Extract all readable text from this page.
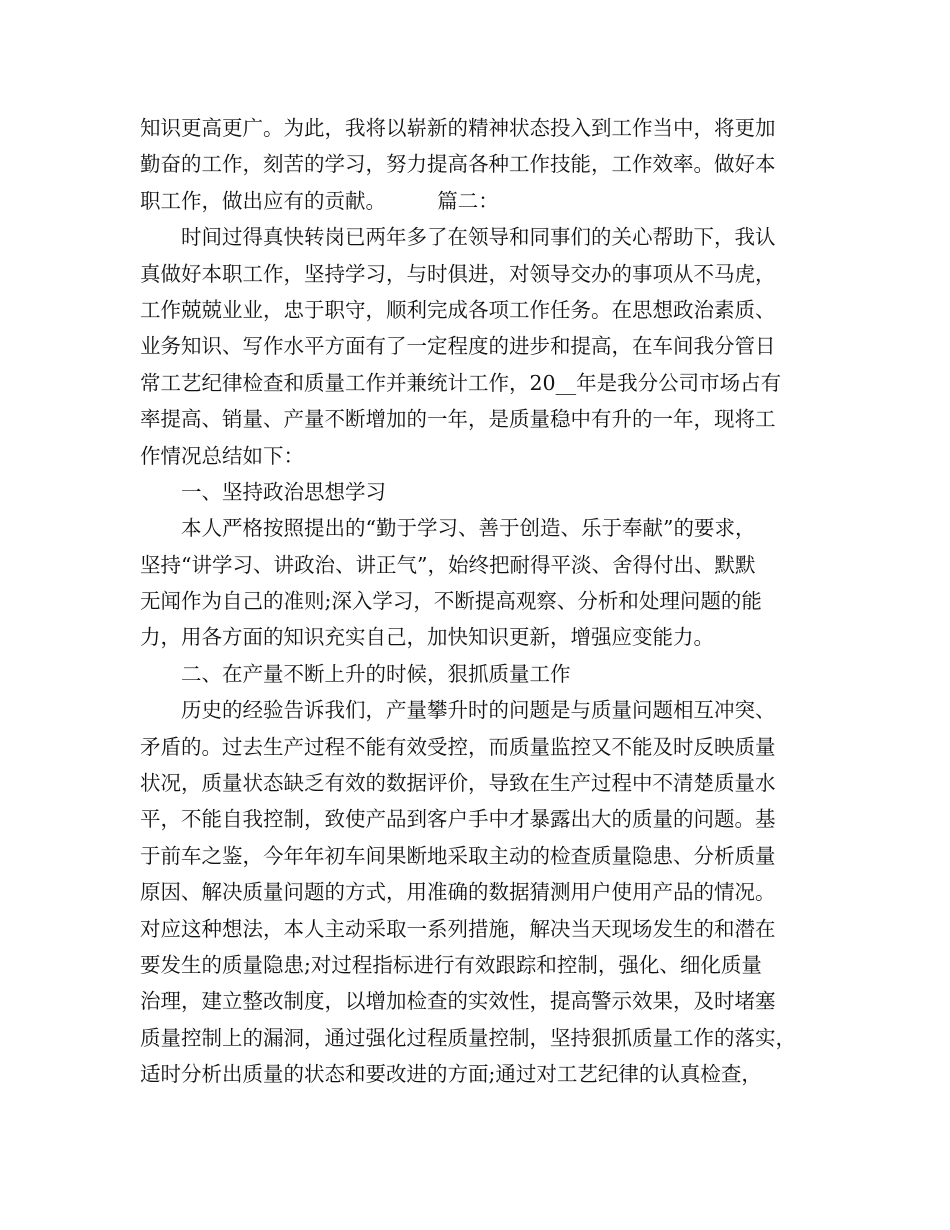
知识更高更广。为此，我将以崭新的精神状态投入到工作当中，将更加
勤奋的工作，刻苦的学习，努力提高各种工作技能，工作效率。做好本
职工作，做出应有的贡献。　　　篇二：
时间过得真快转岗已两年多了在领导和同事们的关心帮助下，我认
真做好本职工作，坚持学习，与时俱进，对领导交办的事项从不马虎，
工作兢兢业业，忠于职守，顺利完成各项工作任务。在思想政治素质、
业务知识、写作水平方面有了一定程度的进步和提高，在车间我分管日
常工艺纪律检查和质量工作并兼统计工作，20__年是我分公司市场占有
率提高、销量、产量不断增加的一年，是质量稳中有升的一年，现将工
作情况总结如下：
一、坚持政治思想学习
本人严格按照提出的“勤于学习、善于创造、乐于奉献”的要求，
坚持“讲学习、讲政治、讲正气”，始终把耐得平淡、舍得付出、默默
无闻作为自己的准则;深入学习，不断提高观察、分析和处理问题的能
力，用各方面的知识充实自己，加快知识更新，增强应变能力。
二、在产量不断上升的时候，狠抓质量工作
历史的经验告诉我们，产量攀升时的问题是与质量问题相互冲突、
矛盾的。过去生产过程不能有效受控，而质量监控又不能及时反映质量
状况，质量状态缺乏有效的数据评价，导致在生产过程中不清楚质量水
平，不能自我控制，致使产品到客户手中才暴露出大的质量的问题。基
于前车之鉴，今年年初车间果断地采取主动的检查质量隐患、分析质量
原因、解决质量问题的方式，用准确的数据猜测用户使用产品的情况。
对应这种想法，本人主动采取一系列措施，解决当天现场发生的和潜在
要发生的质量隐患;对过程指标进行有效跟踪和控制，强化、细化质量
治理，建立整改制度，以增加检查的实效性，提高警示效果，及时堵塞
质量控制上的漏洞，通过强化过程质量控制，坚持狠抓质量工作的落实，
适时分析出质量的状态和要改进的方面;通过对工艺纪律的认真检查，
